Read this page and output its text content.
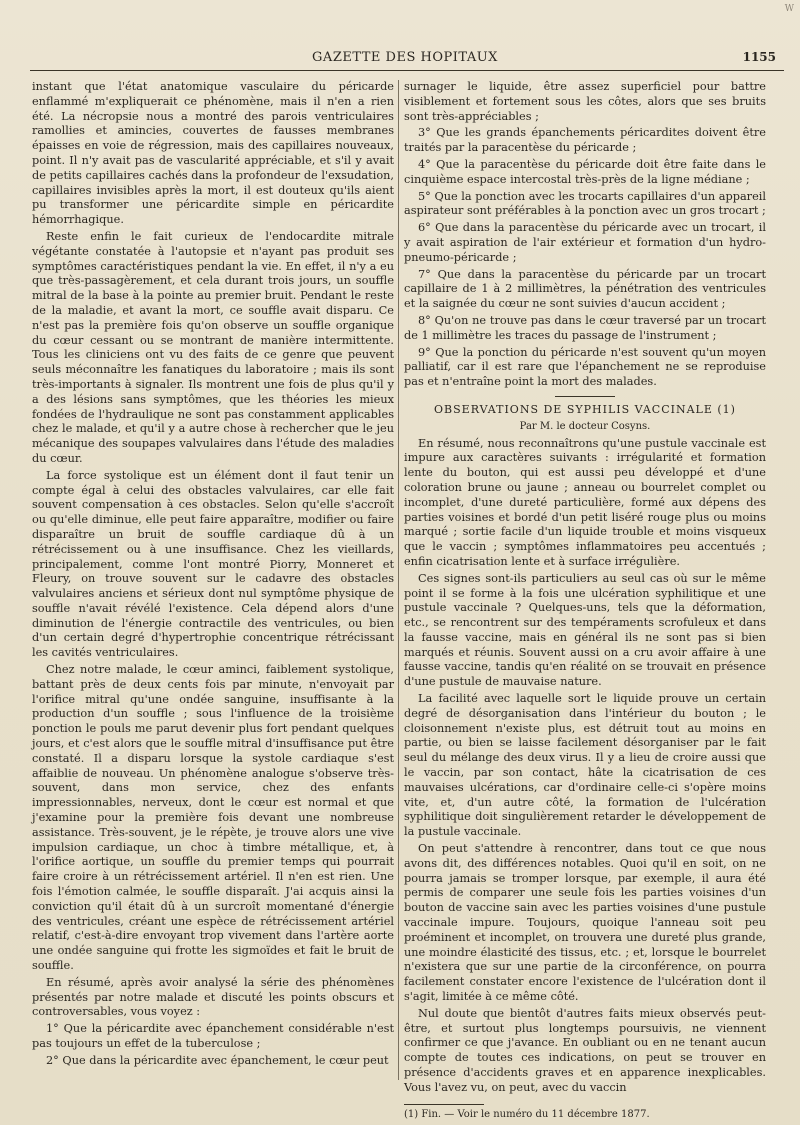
W
GAZETTE DES HOPITAUX	1155

instant que l'état anatomique vasculaire du péricarde enflammé m'expliquerait ce phénomène, mais il n'en a rien été. La nécropsie nous a montré des parois ventriculaires ramollies et amincies, couvertes de fausses membranes épaisses en voie de régression, mais des capillaires nouveaux, point. Il n'y avait pas de vascularité appréciable, et s'il y avait de petits capillaires cachés dans la profondeur de l'exsudation, capillaires invisibles après la mort, il est douteux qu'ils aient pu transformer une péricardite simple en péricardite hémorrhagique.

Reste enfin le fait curieux de l'endocardite mitrale végétante constatée à l'autopsie et n'ayant pas produit ses symptômes caractéristiques pendant la vie. En effet, il n'y a eu que très-passagèrement, et cela durant trois jours, un souffle mitral de la base à la pointe au premier bruit. Pendant le reste de la maladie, et avant la mort, ce souffle avait disparu. Ce n'est pas la première fois qu'on observe un souffle organique du cœur cessant ou se montrant de manière intermittente. Tous les cliniciens ont vu des faits de ce genre que peuvent seuls méconnaître les fanatiques du laboratoire ; mais ils sont très-importants à signaler. Ils montrent une fois de plus qu'il y a des lésions sans symptômes, que les théories les mieux fondées de l'hydraulique ne sont pas constamment applicables chez le malade, et qu'il y a autre chose à rechercher que le jeu mécanique des soupapes valvulaires dans l'étude des maladies du cœur.

La force systolique est un élément dont il faut tenir un compte égal à celui des obstacles valvulaires, car elle fait souvent compensation à ces obstacles. Selon qu'elle s'accroît ou qu'elle diminue, elle peut faire apparaître, modifier ou faire disparaître un bruit de souffle cardiaque dû à un rétrécissement ou à une insuffisance. Chez les vieillards, principalement, comme l'ont montré Piorry, Monneret et Fleury, on trouve souvent sur le cadavre des obstacles valvulaires anciens et sérieux dont nul symptôme physique de souffle n'avait révélé l'existence. Cela dépend alors d'une diminution de l'énergie contractile des ventricules, ou bien d'un certain degré d'hypertrophie concentrique rétrécissant les cavités ventriculaires.

Chez notre malade, le cœur aminci, faiblement systolique, battant près de deux cents fois par minute, n'envoyait par l'orifice mitral qu'une ondée sanguine, insuffisante à la production d'un souffle ; sous l'influence de la troisième ponction le pouls me parut devenir plus fort pendant quelques jours, et c'est alors que le souffle mitral d'insuffisance put être constaté. Il a disparu lorsque la systole cardiaque s'est affaiblie de nouveau. Un phénomène analogue s'observe très-souvent, dans mon service, chez des enfants impressionnables, nerveux, dont le cœur est normal et que j'examine pour la première fois devant une nombreuse assistance. Très-souvent, je le répète, je trouve alors une vive impulsion cardiaque, un choc à timbre métallique, et, à l'orifice aortique, un souffle du premier temps qui pourrait faire croire à un rétrécissement artériel. Il n'en est rien. Une fois l'émotion calmée, le souffle disparaît. J'ai acquis ainsi la conviction qu'il était dû à un surcroît momentané d'énergie des ventricules, créant une espèce de rétrécissement artériel relatif, c'est-à-dire envoyant trop vivement dans l'artère aorte une ondée sanguine qui frotte les sigmoïdes et fait le bruit de souffle.

En résumé, après avoir analysé la série des phénomènes présentés par notre malade et discuté les points obscurs et controversables, vous voyez :

1° Que la péricardite avec épanchement considérable n'est pas toujours un effet de la tuberculose ;

2° Que dans la péricardite avec épanchement, le cœur peut

surnager le liquide, être assez superficiel pour battre visiblement et fortement sous les côtes, alors que ses bruits sont très-appréciables ;

3° Que les grands épanchements péricardites doivent être traités par la paracentèse du péricarde ;

4° Que la paracentèse du péricarde doit être faite dans le cinquième espace intercostal très-près de la ligne médiane ;

5° Que la ponction avec les trocarts capillaires d'un appareil aspirateur sont préférables à la ponction avec un gros trocart ;

6° Que dans la paracentèse du péricarde avec un trocart, il y avait aspiration de l'air extérieur et formation d'un hydro-pneumo-péricarde ;

7° Que dans la paracentèse du péricarde par un trocart capillaire de 1 à 2 millimètres, la pénétration des ventricules et la saignée du cœur ne sont suivies d'aucun accident ;

8° Qu'on ne trouve pas dans le cœur traversé par un trocart de 1 millimètre les traces du passage de l'instrument ;

9° Que la ponction du péricarde n'est souvent qu'un moyen palliatif, car il est rare que l'épanchement ne se reproduise pas et n'entraîne point la mort des malades.

OBSERVATIONS DE SYPHILIS VACCINALE (1)

Par M. le docteur Cosyns.

En résumé, nous reconnaîtrons qu'une pustule vaccinale est impure aux caractères suivants : irrégularité et formation lente du bouton, qui est aussi peu développé et d'une coloration brune ou jaune ; anneau ou bourrelet complet ou incomplet, d'une dureté particulière, formé aux dépens des parties voisines et bordé d'un petit liséré rouge plus ou moins marqué ; sortie facile d'un liquide trouble et moins visqueux que le vaccin ; symptômes inflammatoires peu accentués ; enfin cicatrisation lente et à surface irrégulière.

Ces signes sont-ils particuliers au seul cas où sur le même point il se forme à la fois une ulcération syphilitique et une pustule vaccinale ? Quelques-uns, tels que la déformation, etc., se rencontrent sur des tempéraments scrofuleux et dans la fausse vaccine, mais en général ils ne sont pas si bien marqués et réunis. Souvent aussi on a cru avoir affaire à une fausse vaccine, tandis qu'en réalité on se trouvait en présence d'une pustule de mauvaise nature.

La facilité avec laquelle sort le liquide prouve un certain degré de désorganisation dans l'intérieur du bouton ; le cloisonnement n'existe plus, est détruit tout au moins en partie, ou bien se laisse facilement désorganiser par le fait seul du mélange des deux virus. Il y a lieu de croire aussi que le vaccin, par son contact, hâte la cicatrisation de ces mauvaises ulcérations, car d'ordinaire celle-ci s'opère moins vite, et, d'un autre côté, la formation de l'ulcération syphilitique doit singulièrement retarder le développement de la pustule vaccinale.

On peut s'attendre à rencontrer, dans tout ce que nous avons dit, des différences notables. Quoi qu'il en soit, on ne pourra jamais se tromper lorsque, par exemple, il aura été permis de comparer une seule fois les parties voisines d'un bouton de vaccine sain avec les parties voisines d'une pustule vaccinale impure. Toujours, quoique l'anneau soit peu proéminent et incomplet, on trouvera une dureté plus grande, une moindre élasticité des tissus, etc. ; et, lorsque le bourrelet n'existera que sur une partie de la circonférence, on pourra facilement constater encore l'existence de l'ulcération dont il s'agit, limitée à ce même côté.

Nul doute que bientôt d'autres faits mieux observés peut-être, et surtout plus longtemps poursuivis, ne viennent confirmer ce que j'avance. En oubliant ou en ne tenant aucun compte de toutes ces indications, on peut se trouver en présence d'accidents graves et en apparence inexplicables. Vous l'avez vu, on peut, avec du vaccin

(1) Fin. — Voir le numéro du 11 décembre 1877.
